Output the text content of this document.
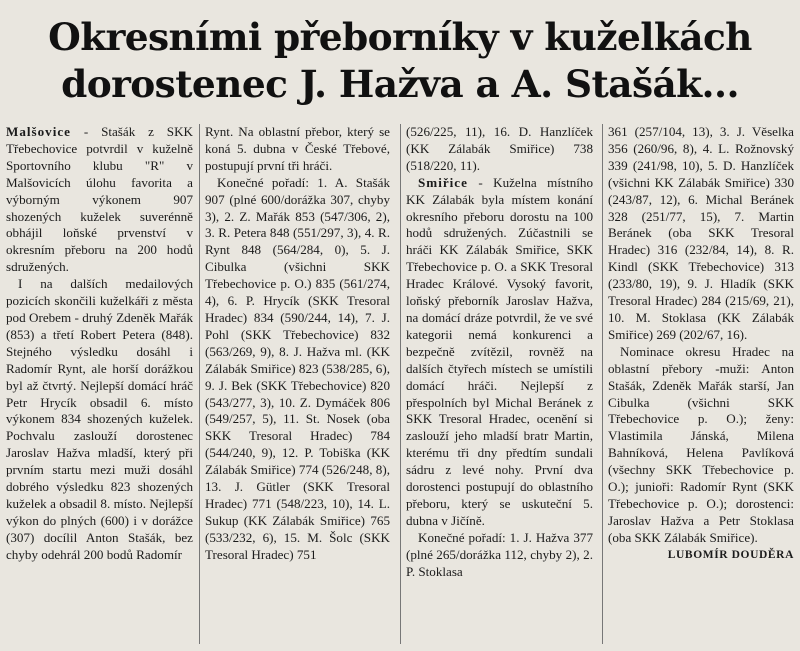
Okresními přeborníky v kuželkách
dorostenec J. Hažva a A. Stašák...

Malšovice - Stašák z SKK Třebechovice potvrdil v kuželně Sportovního klubu "R" v Malšovicích úlohu favorita a výborným výkonem 907 shozených kuželek suverénně obhájil loňské prvenství v okresním přeboru na 200 hodů sdružených.

I na dalších medailových pozicích skončili kuželkáři z města pod Orebem - druhý Zdeněk Mařák (853) a třetí Robert Petera (848). Stejného výsledku dosáhl i Radomír Rynt, ale horší dorážkou byl až čtvrtý. Nejlepší domácí hráč Petr Hrycík obsadil 6. místo výkonem 834 shozených kuželek. Pochvalu zaslouží dorostenec Jaroslav Hažva mladší, který při prvním startu mezi muži dosáhl dobrého výsledku 823 shozených kuželek a obsadil 8. místo. Nejlepší výkon do plných (600) i v dorážce (307) docílil Anton Stašák, bez chyby odehrál 200 bodů Radomír

Rynt. Na oblastní přebor, který se koná 5. dubna v České Třebové, postupují první tři hráči.

Konečné pořadí: 1. A. Stašák 907 (plné 600/dorážka 307, chyby 3), 2. Z. Mařák 853 (547/306, 2), 3. R. Petera 848 (551/297, 3), 4. R. Rynt 848 (564/284, 0), 5. J. Cibulka (všichni SKK Třebechovice p. O.) 835 (561/274, 4), 6. P. Hrycík (SKK Tresoral Hradec) 834 (590/244, 14), 7. J. Pohl (SKK Třebechovice) 832 (563/269, 9), 8. J. Hažva ml. (KK Zálabák Smiřice) 823 (538/285, 6), 9. J. Bek (SKK Třebechovice) 820 (543/277, 3), 10. Z. Dymáček 806 (549/257, 5), 11. St. Nosek (oba SKK Tresoral Hradec) 784 (544/240, 9), 12. P. Tobiška (KK Zálabák Smiřice) 774 (526/248, 8), 13. J. Gütler (SKK Tresoral Hradec) 771 (548/223, 10), 14. L. Sukup (KK Zálabák Smiřice) 765 (533/232, 6), 15. M. Šolc (SKK Tresoral Hradec) 751

(526/225, 11), 16. D. Hanzlíček (KK Zálabák Smiřice) 738 (518/220, 11).

Smiřice - Kuželna místního KK Zálabák byla místem konání okresního přeboru dorostu na 100 hodů sdružených. Zúčastnili se hráči KK Zálabák Smiřice, SKK Třebechovice p. O. a SKK Tresoral Hradec Králové. Vysoký favorit, loňský přeborník Jaroslav Hažva, na domácí dráze potvrdil, že ve své kategorii nemá konkurenci a bezpečně zvítězil, rovněž na dalších čtyřech místech se umístili domácí hráči. Nejlepší z přespolních byl Michal Beránek z SKK Tresoral Hradec, ocenění si zaslouží jeho mladší bratr Martin, kterému tři dny předtím sundali sádru z levé nohy. První dva dorostenci postupují do oblastního přeboru, který se uskuteční 5. dubna v Jičíně.

Konečné pořadí: 1. J. Hažva 377 (plné 265/dorážka 112, chyby 2), 2. P. Stoklasa

361 (257/104, 13), 3. J. Věselka 356 (260/96, 8), 4. L. Rožnovský 339 (241/98, 10), 5. D. Hanzlíček (všichni KK Zálabák Smiřice) 330 (243/87, 12), 6. Michal Beránek 328 (251/77, 15), 7. Martin Beránek (oba SKK Tresoral Hradec) 316 (232/84, 14), 8. R. Kindl (SKK Třebechovice) 313 (233/80, 19), 9. J. Hladík (SKK Tresoral Hradec) 284 (215/69, 21), 10. M. Stoklasa (KK Zálabák Smiřice) 269 (202/67, 16).

Nominace okresu Hradec na oblastní přebory -muži: Anton Stašák, Zdeněk Mařák starší, Jan Cibulka (všichni SKK Třebechovice p. O.); ženy: Vlastimila Jánská, Milena Bahníková, Helena Pavlíková (všechny SKK Třebechovice p. O.); junioři: Radomír Rynt (SKK Třebechovice p. O.); dorostenci: Jaroslav Hažva a Petr Stoklasa (oba SKK Zálabák Smiřice).

LUBOMÍR DOUDĚRA
